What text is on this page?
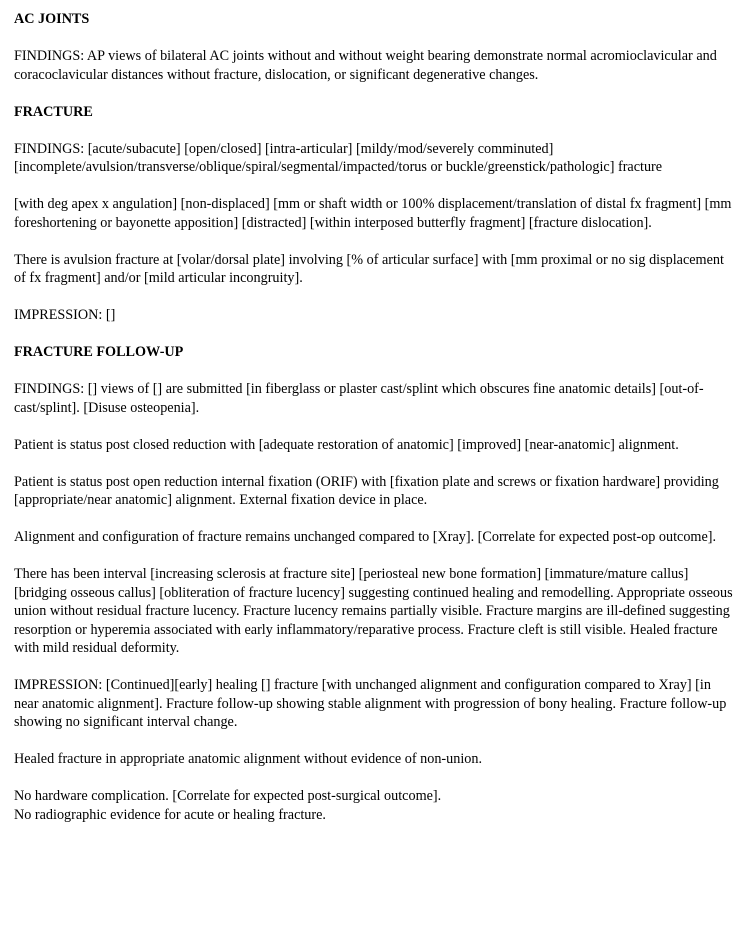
AC JOINTS
FINDINGS: AP views of bilateral AC joints without and without weight bearing demonstrate normal acromioclavicular and coracoclavicular distances without fracture, dislocation, or significant degenerative changes.
FRACTURE
FINDINGS: [acute/subacute] [open/closed] [intra-articular] [mildy/mod/severely comminuted] [incomplete/avulsion/transverse/oblique/spiral/segmental/impacted/torus or buckle/greenstick/pathologic] fracture
[with deg apex x angulation] [non-displaced] [mm or shaft width or 100% displacement/translation of distal fx fragment] [mm foreshortening or bayonette apposition] [distracted] [within interposed butterfly fragment] [fracture dislocation].
There is avulsion fracture at [volar/dorsal plate] involving [% of articular surface] with [mm proximal or no sig displacement of fx fragment] and/or [mild articular incongruity].
IMPRESSION: []
FRACTURE FOLLOW-UP
FINDINGS: [] views of [] are submitted [in fiberglass or plaster cast/splint which obscures fine anatomic details] [out-of-cast/splint]. [Disuse osteopenia].
Patient is status post closed reduction with [adequate restoration of anatomic] [improved] [near-anatomic] alignment.
Patient is status post open reduction internal fixation (ORIF) with [fixation plate and screws or fixation hardware] providing [appropriate/near anatomic] alignment. External fixation device in place.
Alignment and configuration of fracture remains unchanged compared to [Xray]. [Correlate for expected post-op outcome].
There has been interval [increasing sclerosis at fracture site] [periosteal new bone formation] [immature/mature callus] [bridging osseous callus] [obliteration of fracture lucency] suggesting continued healing and remodelling. Appropriate osseous union without residual fracture lucency. Fracture lucency remains partially visible. Fracture margins are ill-defined suggesting resorption or hyperemia associated with early inflammatory/reparative process. Fracture cleft is still visible. Healed fracture with mild residual deformity.
IMPRESSION: [Continued][early] healing [] fracture [with unchanged alignment and configuration compared to Xray] [in near anatomic alignment]. Fracture follow-up showing stable alignment with progression of bony healing. Fracture follow-up showing no significant interval change.
Healed fracture in appropriate anatomic alignment without evidence of non-union.
No hardware complication. [Correlate for expected post-surgical outcome].
No radiographic evidence for acute or healing fracture.
